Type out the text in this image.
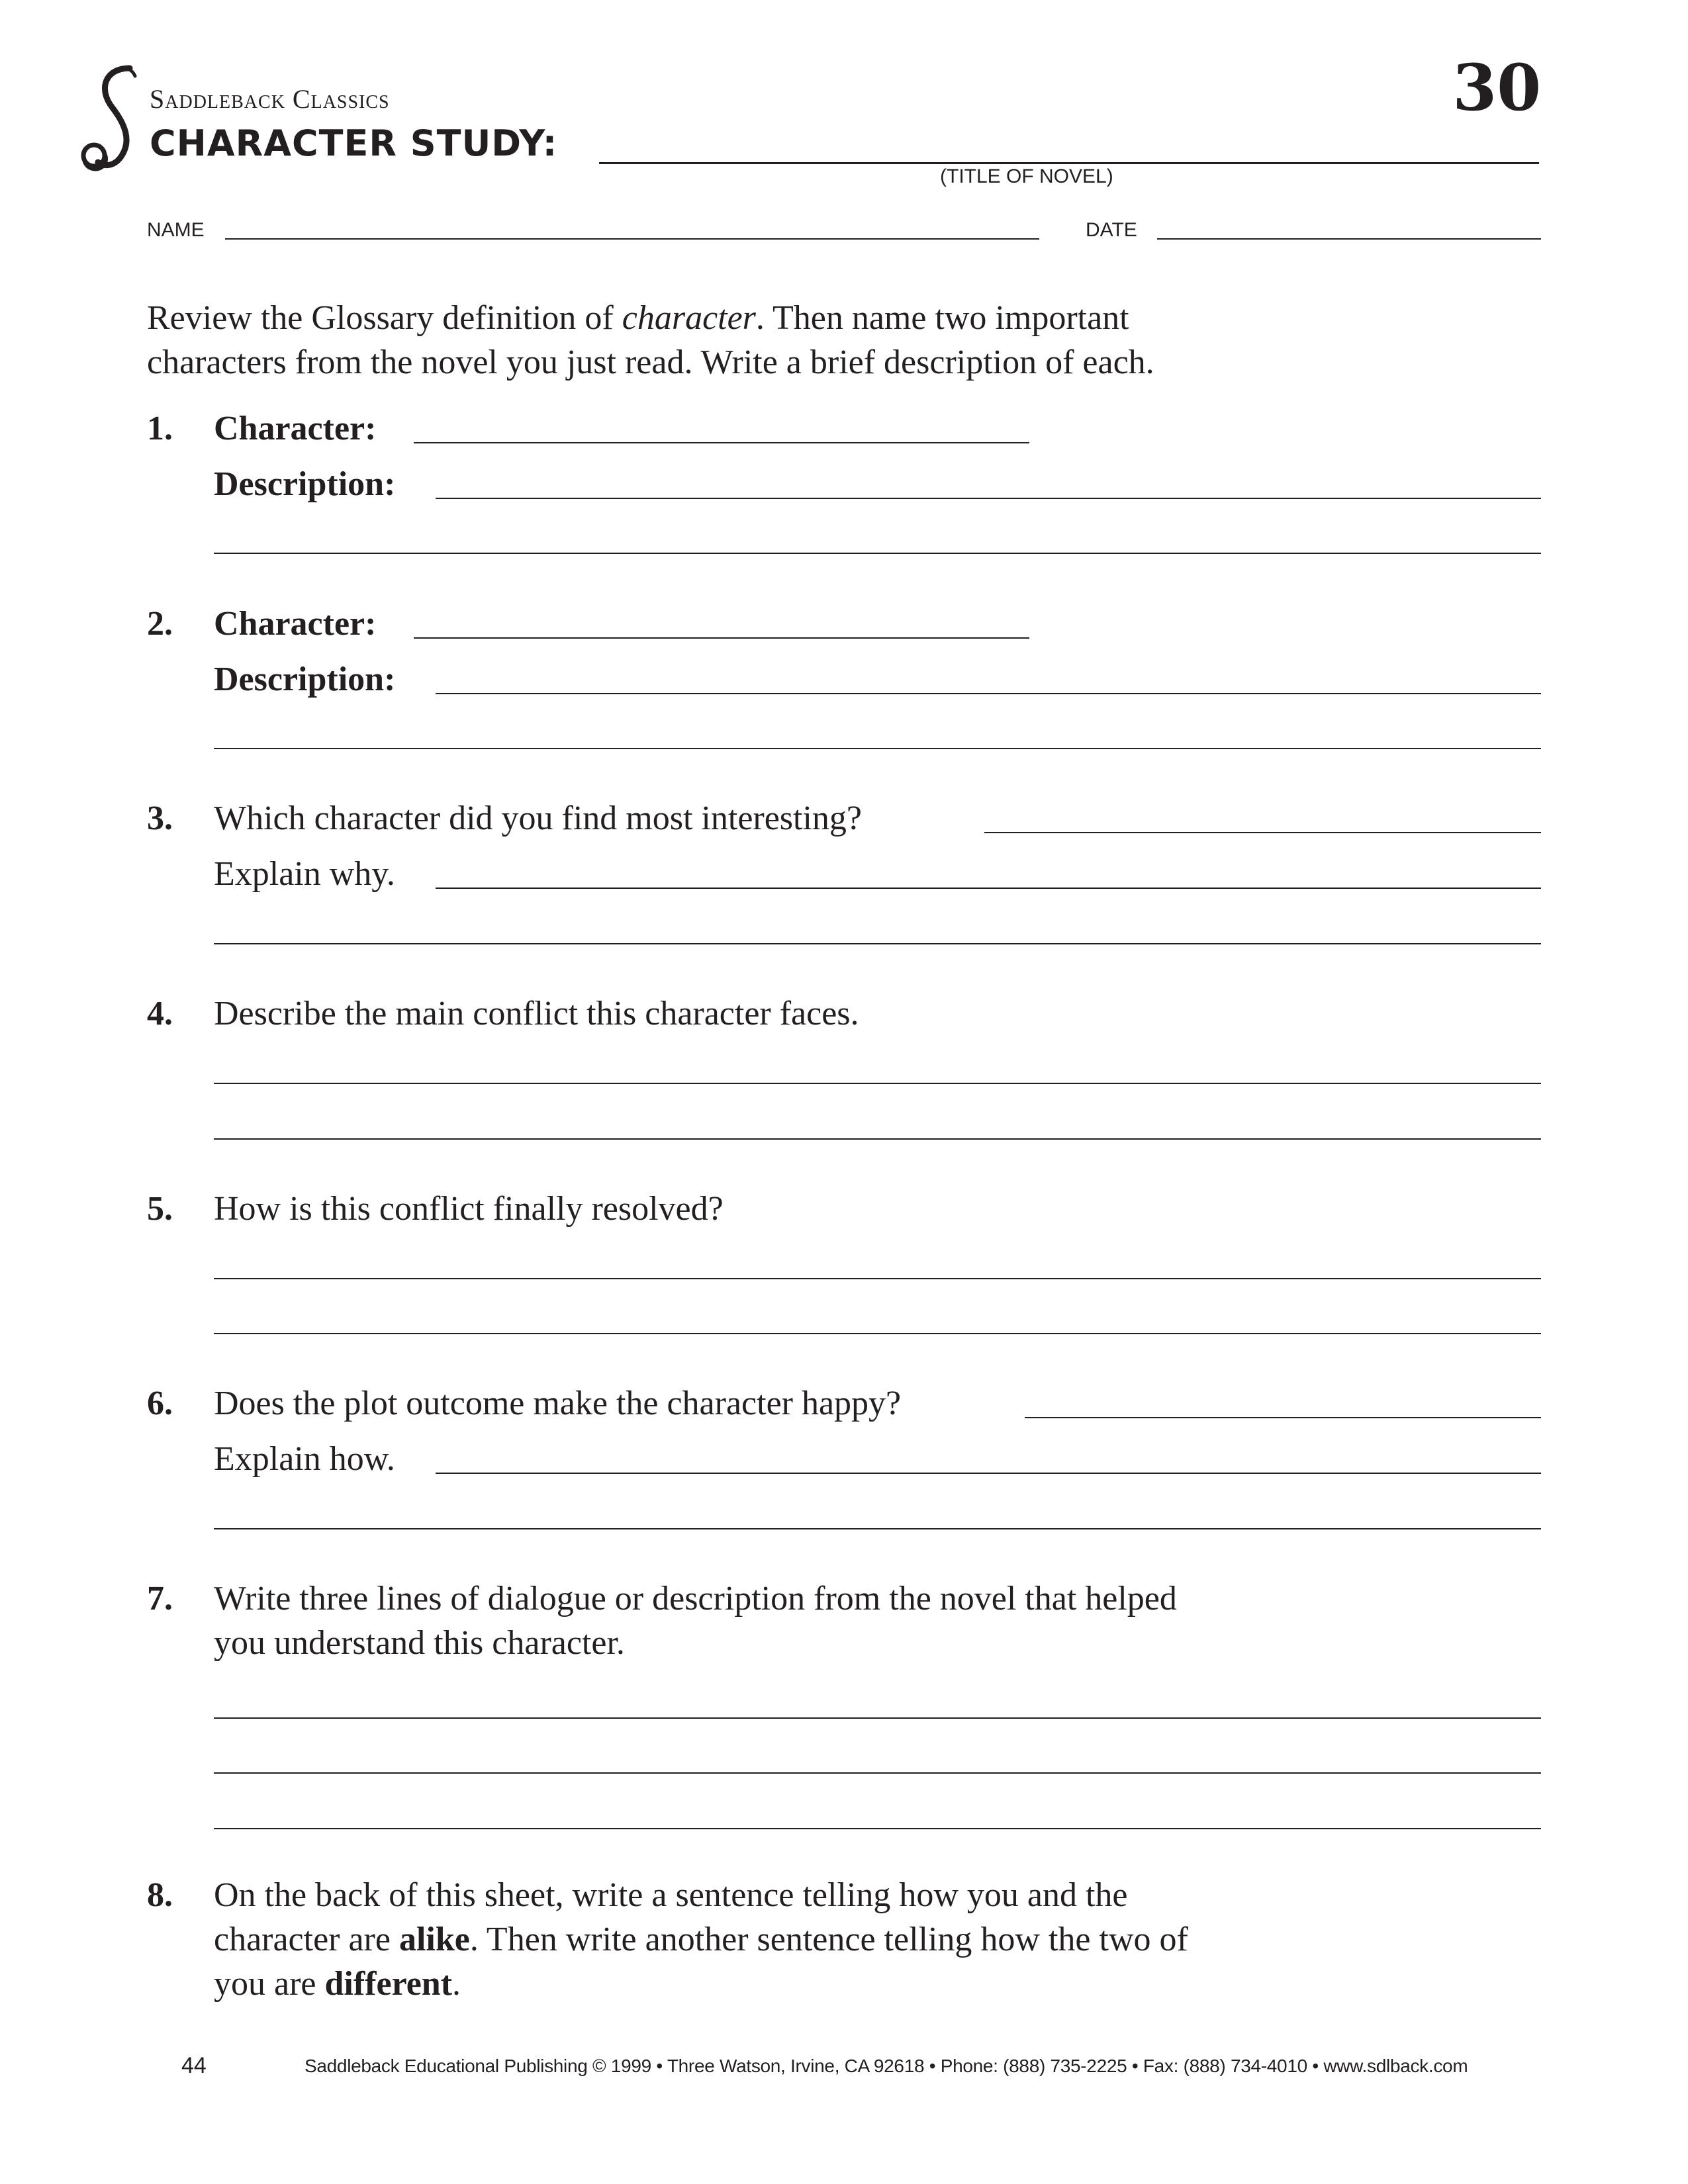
Saddleback Classics	30
CHARACTER STUDY:
(TITLE OF NOVEL)
NAME	DATE
Review the Glossary definition of character. Then name two important
characters from the novel you just read. Write a brief description of each.
1. Character:
Description:
2. Character:
Description:
3. Which character did you find most interesting?
Explain why.
4. Describe the main conflict this character faces.
5. How is this conflict finally resolved?
6. Does the plot outcome make the character happy?
Explain how.
7. Write three lines of dialogue or description from the novel that helped
you understand this character.
8. On the back of this sheet, write a sentence telling how you and the
character are alike. Then write another sentence telling how the two of
you are different.
44	Saddleback Educational Publishing © 1999 • Three Watson, Irvine, CA 92618 • Phone: (888) 735-2225 • Fax: (888) 734-4010 • www.sdlback.com
